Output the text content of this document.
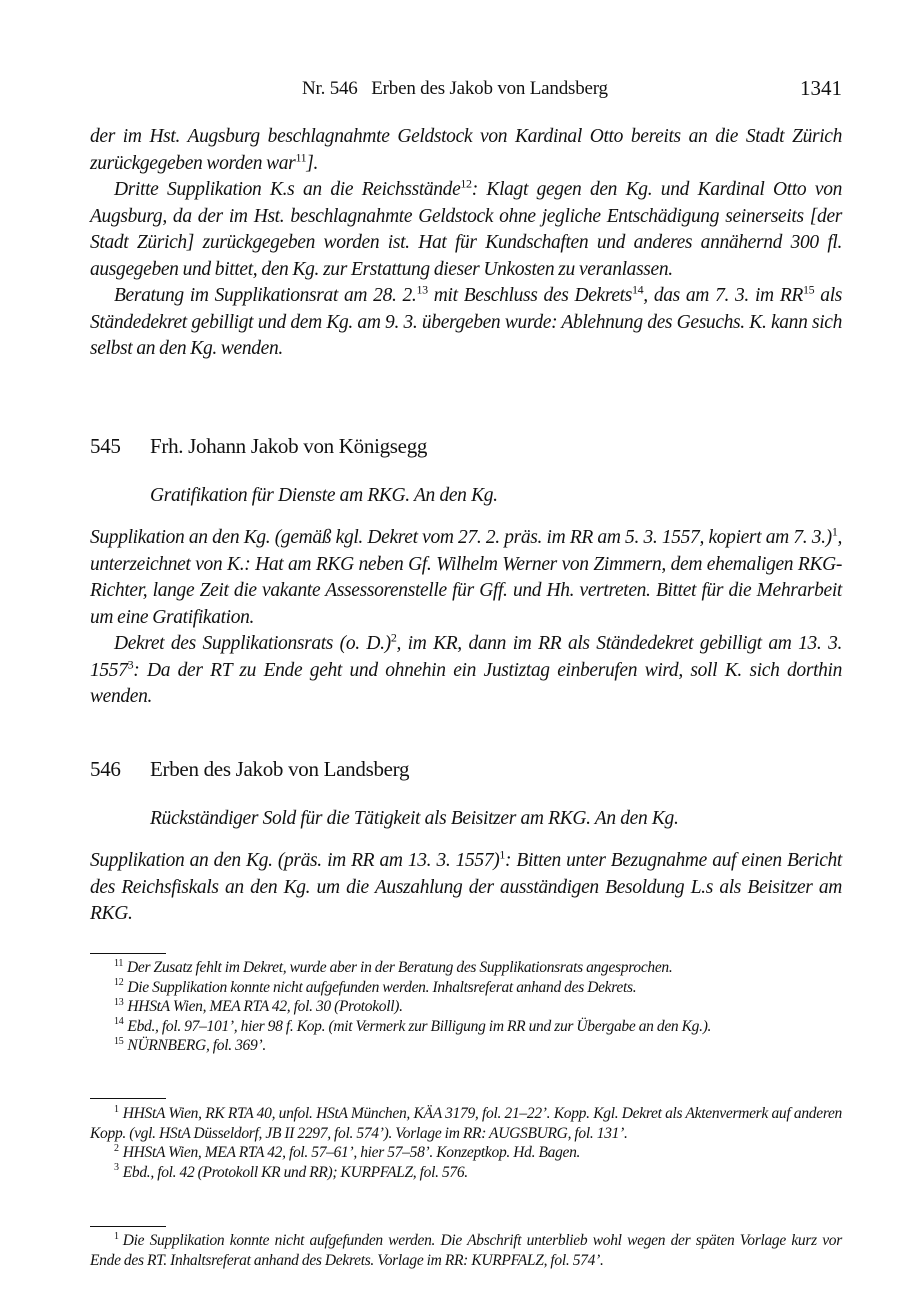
Nr. 546   Erben des Jakob von Landsberg	1341

der im Hst. Augsburg beschlagnahmte Geldstock von Kardinal Otto bereits an die Stadt Zürich zurückgegeben worden war$^{11}$].

Dritte Supplikation K.s an die Reichsstände$^{12}$: Klagt gegen den Kg. und Kardinal Otto von Augsburg, da der im Hst. beschlagnahmte Geldstock ohne jegliche Entschädigung seinerseits [der Stadt Zürich] zurückgegeben worden ist. Hat für Kundschaften und anderes annähernd 300 fl. ausgegeben und bittet, den Kg. zur Erstattung dieser Unkosten zu veranlassen.

Beratung im Supplikationsrat am 28. 2.13 mit Beschluss des Dekrets$^{14}$, das am 7. 3. im RR$^{15}$ als Ständedekret gebilligt und dem Kg. am 9. 3. übergeben wurde: Ablehnung des Gesuchs. K. kann sich selbst an den Kg. wenden.

545 Frh. Johann Jakob von Königsegg
Gratifikation für Dienste am RKG. An den Kg.

Supplikation an den Kg. (gemäß kgl. Dekret vom 27. 2. präs. im RR am 5. 3. 1557, kopiert am 7. 3.)$^1$, unterzeichnet von K.: Hat am RKG neben Gf. Wilhelm Werner von Zimmern, dem ehemaligen RKG-Richter, lange Zeit die vakante Assessorenstelle für Gff. und Hh. vertreten. Bittet für die Mehrarbeit um eine Gratifikation.

Dekret des Supplikationsrats (o. D.)$^2$, im KR, dann im RR als Ständedekret gebilligt am 13. 3. 1557$^3$: Da der RT zu Ende geht und ohnehin ein Justiztag einberufen wird, soll K. sich dorthin wenden.

546 Erben des Jakob von Landsberg
Rückständiger Sold für die Tätigkeit als Beisitzer am RKG. An den Kg.

Supplikation an den Kg. (präs. im RR am 13. 3. 1557)$^1$: Bitten unter Bezugnahme auf einen Bericht des Reichsfiskals an den Kg. um die Auszahlung der ausständigen Besoldung L.s als Beisitzer am RKG.

$^{11}$ Der Zusatz fehlt im Dekret, wurde aber in der Beratung des Supplikationsrats angesprochen.

$^{12}$ Die Supplikation konnte nicht aufgefunden werden. Inhaltsreferat anhand des Dekrets.

$^{13}$ HHStA Wien, MEA RTA 42, fol. 30 (Protokoll).

$^{14}$ Ebd., fol. 97–101’, hier 98 f. Kop. (mit Vermerk zur Billigung im RR und zur Übergabe an den Kg.).

$^{15}$ NÜRNBERG, fol. 369’.

$^1$ HHStA Wien, RK RTA 40, unfol. HStA München, KÄA 3179, fol. 21–22’. Kopp. Kgl. Dekret als Aktenvermerk auf anderen Kopp. (vgl. HStA Düsseldorf, JB II 2297, fol. 574’). Vorlage im RR: AUGSBURG, fol. 131’.

$^2$ HHStA Wien, MEA RTA 42, fol. 57–61’, hier 57–58’. Konzeptkop. Hd. Bagen.

$^3$ Ebd., fol. 42 (Protokoll KR und RR); KURPFALZ, fol. 576.

$^1$ Die Supplikation konnte nicht aufgefunden werden. Die Abschrift unterblieb wohl wegen der späten Vorlage kurz vor Ende des RT. Inhaltsreferat anhand des Dekrets. Vorlage im RR: KURPFALZ, fol. 574’.
